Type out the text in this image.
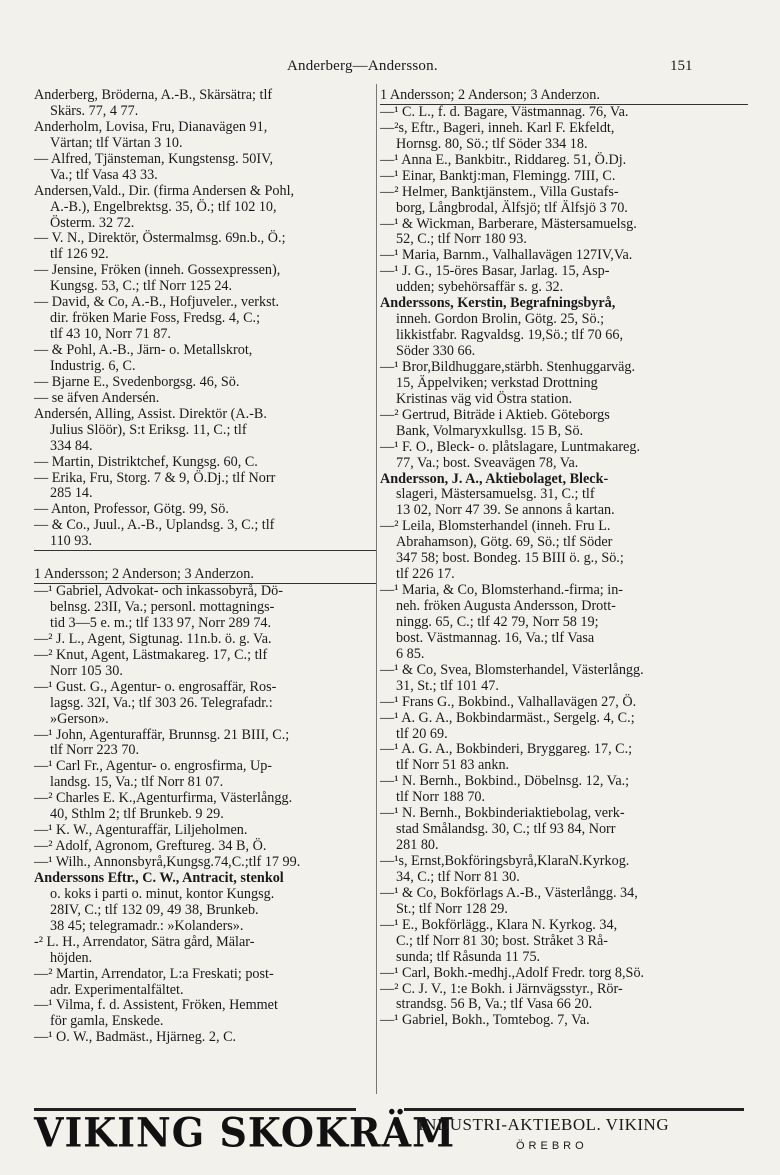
Anderberg—Andersson.	151
Anderberg, Bröderna, A.-B., Skärsätra; tlf
Skärs. 77, 4 77.
Anderholm, Lovisa, Fru, Dianavägen 91,
Värtan; tlf Värtan 3 10.
— Alfred, Tjänsteman, Kungstensg. 50IV,
Va.; tlf Vasa 43 33.
Andersen,Vald., Dir. (firma Andersen & Pohl,
A.-B.), Engelbrektsg. 35, Ö.; tlf 102 10,
Österm. 32 72.
— V. N., Direktör, Östermalmsg. 69n.b., Ö.;
tlf 126 92.
— Jensine, Fröken (inneh. Gossexpressen),
Kungsg. 53, C.; tlf Norr 125 24.
— David, & Co, A.-B., Hofjuveler., verkst.
dir. fröken Marie Foss, Fredsg. 4, C.;
tlf 43 10, Norr 71 87.
— & Pohl, A.-B., Järn- o. Metallskrot,
Industrig. 6, C.
— Bjarne E., Svedenborgsg. 46, Sö.
— se äfven Andersén.
Andersén, Alling, Assist. Direktör (A.-B.
Julius Slöör), S:t Eriksg. 11, C.; tlf
334 84.
— Martin, Distriktchef, Kungsg. 60, C.
— Erika, Fru, Storg. 7 & 9, Ö.Dj.; tlf Norr
285 14.
— Anton, Professor, Götg. 99, Sö.
— & Co., Juul., A.-B., Uplandsg. 3, C.; tlf
110 93.
1 Andersson; 2 Anderson; 3 Anderzon.
—¹ Gabriel, Advokat- och inkassobyrå, Dö-
belnsg. 23II, Va.; personl. mottagnings-
tid 3—5 e. m.; tlf 133 97, Norr 289 74.
—² J. L., Agent, Sigtunag. 11n.b. ö. g. Va.
—² Knut, Agent, Lästmakareg. 17, C.; tlf
Norr 105 30.
—¹ Gust. G., Agentur- o. engrosaffär, Ros-
lagsg. 32I, Va.; tlf 303 26. Telegrafadr.:
»Gerson».
—¹ John, Agenturaffär, Brunnsg. 21 BIII, C.;
tlf Norr 223 70.
—¹ Carl Fr., Agentur- o. engrosfirma, Up-
landsg. 15, Va.; tlf Norr 81 07.
—² Charles E. K.,Agenturfirma, Västerlångg.
40, Sthlm 2; tlf Brunkeb. 9 29.
—¹ K. W., Agenturaffär, Liljeholmen.
—² Adolf, Agronom, Greftureg. 34 B, Ö.
—¹ Wilh., Annonsbyrå,Kungsg.74,C.;tlf 17 99.
Anderssons Eftr., C. W., Antracit, stenkol
o. koks i parti o. minut, kontor Kungsg.
28IV, C.; tlf 132 09, 49 38, Brunkeb.
38 45; telegramadr.: »Kolanders».
-² L. H., Arrendator, Sätra gård, Mälar-
höjden.
—² Martin, Arrendator, L:a Freskati; post-
adr. Experimentalfältet.
—¹ Vilma, f. d. Assistent, Fröken, Hemmet
för gamla, Enskede.
—¹ O. W., Badmäst., Hjärneg. 2, C.
1 Andersson; 2 Anderson; 3 Anderzon.
—¹ C. L., f. d. Bagare, Västmannag. 76, Va.
—²s, Eftr., Bageri, inneh. Karl F. Ekfeldt,
Hornsg. 80, Sö.; tlf Söder 334 18.
—¹ Anna E., Bankbitr., Riddareg. 51, Ö.Dj.
—¹ Einar, Banktj:man, Flemingg. 7III, C.
—² Helmer, Banktjänstem., Villa Gustafs-
borg, Långbrodal, Älfsjö; tlf Älfsjö 3 70.
—¹ & Wickman, Barberare, Mästersamuelsg.
52, C.; tlf Norr 180 93.
—¹ Maria, Barnm., Valhallavägen 127IV,Va.
—¹ J. G., 15-öres Basar, Jarlag. 15, Asp-
udden; sybehörsaffär s. g. 32.
Anderssons, Kerstin, Begrafningsbyrå,
inneh. Gordon Brolin, Götg. 25, Sö.;
likkistfabr. Ragvaldsg. 19,Sö.; tlf 70 66,
Söder 330 66.
—¹ Bror,Bildhuggare,stärbh. Stenhuggarväg.
15, Äppelviken; verkstad Drottning
Kristinas väg vid Östra station.
—² Gertrud, Biträde i Aktieb. Göteborgs
Bank, Volmaryxkullsg. 15 B, Sö.
—¹ F. O., Bleck- o. plåtslagare, Luntmakareg.
77, Va.; bost. Sveavägen 78, Va.
Andersson, J. A., Aktiebolaget, Bleck-
slageri, Mästersamuelsg. 31, C.; tlf
13 02, Norr 47 39. Se annons å kartan.
—² Leila, Blomsterhandel (inneh. Fru L.
Abrahamson), Götg. 69, Sö.; tlf Söder
347 58; bost. Bondeg. 15 BIII ö. g., Sö.;
tlf 226 17.
—¹ Maria, & Co, Blomsterhand.-firma; in-
neh. fröken Augusta Andersson, Drott-
ningg. 65, C.; tlf 42 79, Norr 58 19;
bost. Västmannag. 16, Va.; tlf Vasa
6 85.
—¹ & Co, Svea, Blomsterhandel, Västerlångg.
31, St.; tlf 101 47.
—¹ Frans G., Bokbind., Valhallavägen 27, Ö.
—¹ A. G. A., Bokbindarmäst., Sergelg. 4, C.;
tlf 20 69.
—¹ A. G. A., Bokbinderi, Bryggareg. 17, C.;
tlf Norr 51 83 ankn.
—¹ N. Bernh., Bokbind., Döbelnsg. 12, Va.;
tlf Norr 188 70.
—¹ N. Bernh., Bokbinderiaktiebolag, verk-
stad Smålandsg. 30, C.; tlf 93 84, Norr
281 80.
—¹s, Ernst,Bokföringsbyrå,KlaraN.Kyrkog.
34, C.; tlf Norr 81 30.
—¹ & Co, Bokförlags A.-B., Västerlångg. 34,
St.; tlf Norr 128 29.
—¹ E., Bokförlägg., Klara N. Kyrkog. 34,
C.; tlf Norr 81 30; bost. Stråket 3 Rå-
sunda; tlf Råsunda 11 75.
—¹ Carl, Bokh.-medhj.,Adolf Fredr. torg 8,Sö.
—² C. J. V., 1:e Bokh. i Järnvägsstyr., Rör-
strandsg. 56 B, Va.; tlf Vasa 66 20.
—¹ Gabriel, Bokh., Tomtebog. 7, Va.
VIKING SKOKRÄM
INDUSTRI-AKTIEBOL. VIKING
ÖREBRO
